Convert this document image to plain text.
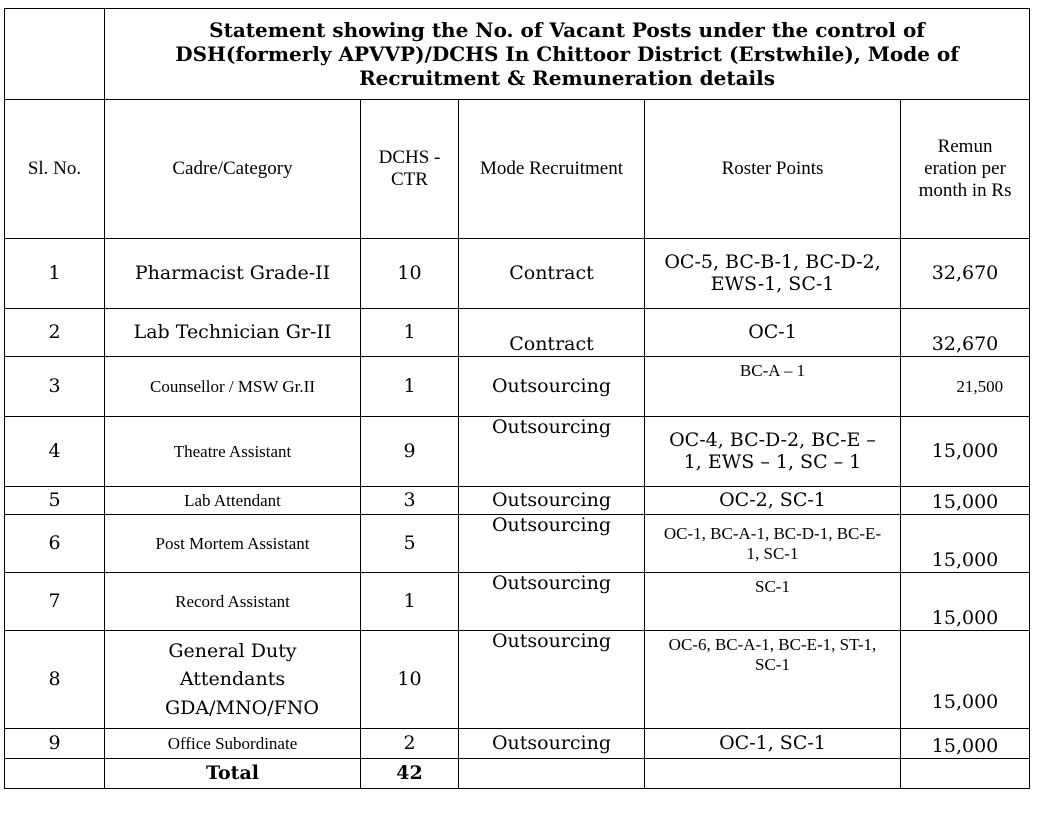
	Statement showing the No. of Vacant Posts under the control of
DSH(formerly APVVP)/DCHS In Chittoor District (Erstwhile), Mode of
Recruitment & Remuneration details				

Sl. No.	Cadre/Category	DCHS -CTR	Mode Recruitment	Roster Points	Remun eration per month in Rs
1	Pharmacist Grade-II	10	Contract	OC-5, BC-B-1, BC-D-2, EWS-1, SC-1	32,670
2	Lab Technician Gr-II	1	Contract	OC-1	32,670
3	Counsellor / MSW Gr.II	1	Outsourcing	BC-A – 1	21,500
4	Theatre Assistant	9	Outsourcing	OC-4, BC-D-2, BC-E – 1, EWS – 1, SC – 1	15,000
5	Lab Attendant	3	Outsourcing	OC-2, SC-1	15,000
6	Post Mortem Assistant	5	Outsourcing	OC-1, BC-A-1, BC-D-1, BC-E-1, SC-1	15,000
7	Record Assistant	1	Outsourcing	SC-1	15,000
8	General Duty Attendants GDA/MNO/FNO	10	Outsourcing	OC-6, BC-A-1, BC-E-1, ST-1, SC-1	15,000
9	Office Subordinate	2	Outsourcing	OC-1, SC-1	15,000
	Total	42			
